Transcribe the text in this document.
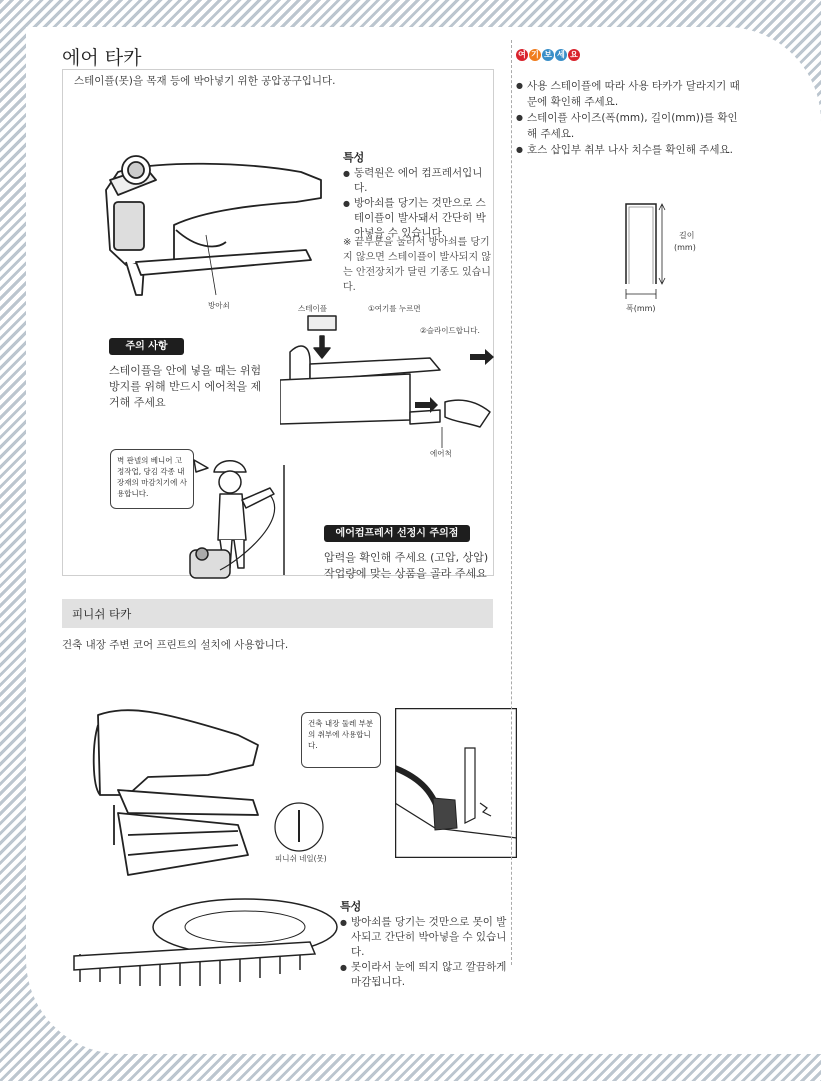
에어 타카
스테이플(못)을 목재 등에 박아넣기 위한 공압공구입니다.
방아쇠
특성
● 동력원은 에어 컴프레서입니다.
● 방아쇠를 당기는 것만으로 스테이플이 발사돼서 간단히 박아넣을 수 있습니다.
※ 끝부분을 눌러서 방아쇠를 당기지 않으면 스테이플이 발사되지 않는 안전장치가 달린 기종도 있습니다.
스테이플	①여기를 누르면
②슬라이드합니다.
에어척
주의 사항
스테이플을 안에 넣을 때는 위험 방지를 위해 반드시 에어척을 제거해 주세요
벽 판넬의 베니어 고정작업, 당김 각종 내장재의 마감치기에 사용합니다.
에어컴프레서 선정시 주의점
압력을 확인해 주세요 (고압, 상압) 작업량에 맞는 상품을 골라 주세요
피니쉬 타카
건축 내장 주변 코어 프린트의 설치에 사용합니다.
피니쉬 네일(못)
건축 내장 둘레 부분의 취부에 사용합니다.
특성
● 방아쇠를 당기는 것만으로 못이 발사되고 간단히 박아넣을 수 있습니다.
● 못이라서 눈에 띄지 않고 깔끔하게 마감됩니다.
여 기 보 세 요
● 사용 스테이플에 따라 사용 타카가 달라지기 때문에 확인해 주세요.
● 스테이플 사이즈(폭(mm), 길이(mm))를 확인해 주세요.
● 호스 삽입부 취부 나사 치수를 확인해 주세요.
길이
(mm)
폭(mm)
